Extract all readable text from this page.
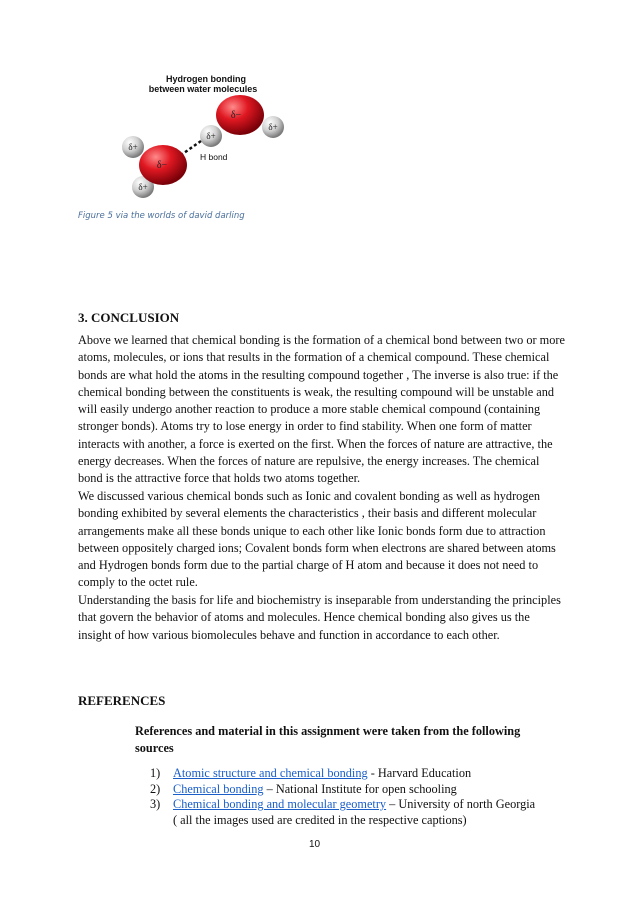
Hydrogen bonding
between water molecules
δ−
δ+
δ+
H bond
δ−
δ+
δ+
Figure 5 via the worlds of david darling
3. CONCLUSION

Above we learned that chemical bonding is the formation of a chemical bond between two or more atoms, molecules, or ions that results in the formation of a chemical compound. These chemical bonds are what hold the atoms in the resulting compound together , The inverse is also true: if the chemical bonding between the constituents is weak, the resulting compound will be unstable and will easily undergo another reaction to produce a more stable chemical compound (containing stronger bonds). Atoms try to lose energy in order to find stability. When one form of matter interacts with another, a force is exerted on the first. When the forces of nature are attractive, the energy decreases. When the forces of nature are repulsive, the energy increases. The chemical bond is the attractive force that holds two atoms together.

We discussed various chemical bonds such as Ionic and covalent bonding as well as hydrogen bonding exhibited by several elements the characteristics , their basis and different molecular arrangements make all these bonds unique to each other like Ionic bonds form due to attraction between oppositely charged ions; Covalent bonds form when electrons are shared between atoms and Hydrogen bonds form due to the partial charge of H atom and because it does not need to comply to the octet rule.

Understanding the basis for life and biochemistry is inseparable from understanding the principles that govern the behavior of atoms and molecules. Hence chemical bonding also gives us the insight of how various biomolecules behave and function in accordance to each other.

REFERENCES

References and material in this assignment were taken from the following sources

1) Atomic structure and chemical bonding - Harvard Education
2) Chemical bonding – National Institute for open schooling
3) Chemical bonding and molecular geometry – University of north Georgia
( all the images used are credited in the respective captions)
10
